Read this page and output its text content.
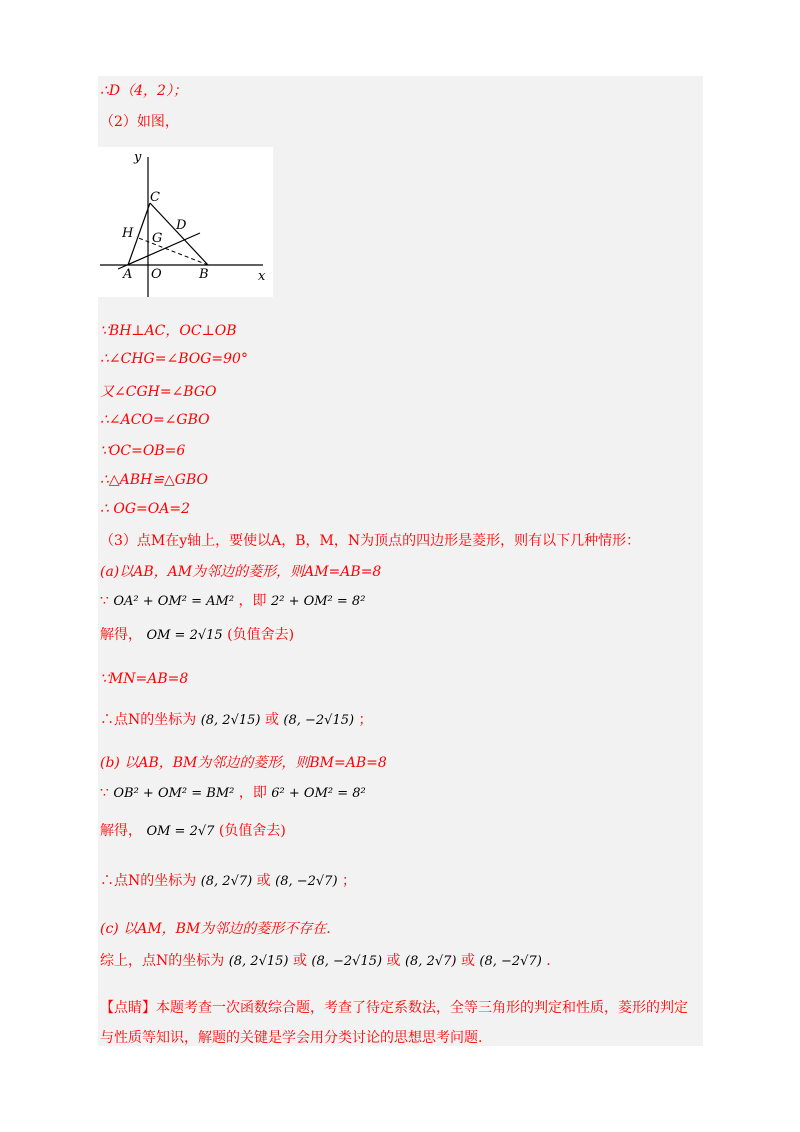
∴D（4，2）；
（2）如图，
y
x
C
D
H G
A O	B
∵BH⊥AC，OC⊥OB
∴∠CHG=∠BOG=90°
又∠CGH=∠BGO
∴∠ACO=∠GBO
∵OC=OB=6
∴△ABH≌△GBO
∴ OG=OA=2
（3）点M在y轴上，要使以A，B，M，N为顶点的四边形是菱形，则有以下几种情形：
(a)以AB，AM为邻边的菱形，则AM=AB=8
∵ OA² + OM² = AM² ，即 2² + OM² = 8²
解得， OM = 2√15 (负值舍去)
∵MN=AB=8
∴点N的坐标为 (8, 2√15) 或 (8, −2√15) ；
(b) 以AB，BM为邻边的菱形，则BM=AB=8
∵ OB² + OM² = BM² ，即 6² + OM² = 8²
解得， OM = 2√7 (负值舍去)
∴点N的坐标为 (8, 2√7) 或 (8, −2√7) ；
(c) 以AM，BM为邻边的菱形不存在.
综上，点N的坐标为 (8, 2√15) 或 (8, −2√15) 或 (8, 2√7) 或 (8, −2√7) .
【点睛】本题考查一次函数综合题，考查了待定系数法，全等三角形的判定和性质，菱形的判定
与性质等知识，解题的关键是学会用分类讨论的思想思考问题.
